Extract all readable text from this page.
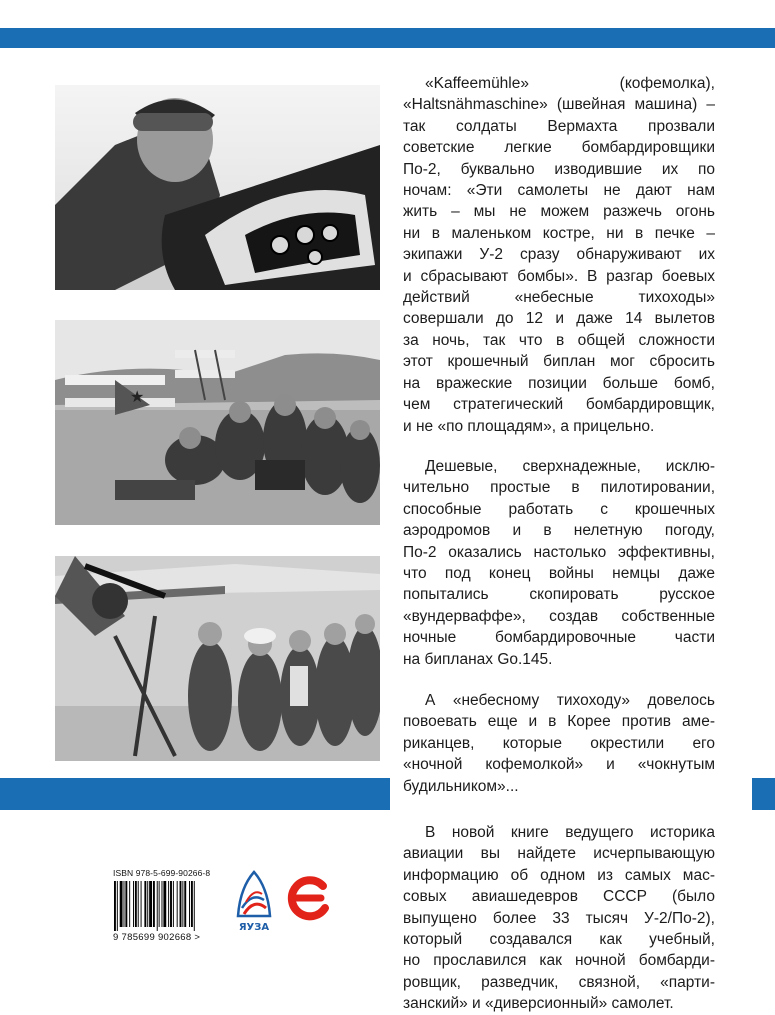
★
«Kaffeemühle» (кофемолка),
«Haltsnähmaschine» (швейная машина) –
так солдаты Вермахта прозвали
советские легкие бомбардировщики
По-2, буквально изводившие их по
ночам: «Эти самолеты не дают нам
жить – мы не можем разжечь огонь
ни в маленьком костре, ни в печке –
экипажи У-2 сразу обнаруживают их
и сбрасывают бомбы». В разгар боевых
действий «небесные тихоходы»
совершали до 12 и даже 14 вылетов
за ночь, так что в общей сложности
этот крошечный биплан мог сбросить
на вражеские позиции больше бомб,
чем стратегический бомбардировщик,
и не «по площадям», а прицельно.
Дешевые, сверхнадежные, исклю-
чительно простые в пилотировании,
способные работать с крошечных
аэродромов и в нелетную погоду,
По-2 оказались настолько эффективны,
что под конец войны немцы даже
попытались скопировать русское
«вундерваффе», создав собственные
ночные бомбардировочные части
на бипланах Go.145.
А «небесному тихоходу» довелось
повоевать еще и в Корее против аме-
риканцев, которые окрестили его
«ночной кофемолкой» и «чокнутым
будильником»...
В новой книге ведущего историка
авиации вы найдете исчерпывающую
информацию об одном из самых мас-
совых авиашедевров СССР (было
выпущено более 33 тысяч У-2/По-2),
который создавался как учебный,
но прославился как ночной бомбарди-
ровщик, разведчик, связной, «парти-
занский» и «диверсионный» самолет.
ISBN 978-5-699-90266-8
9 785699 902668 >
ЯУЗА
